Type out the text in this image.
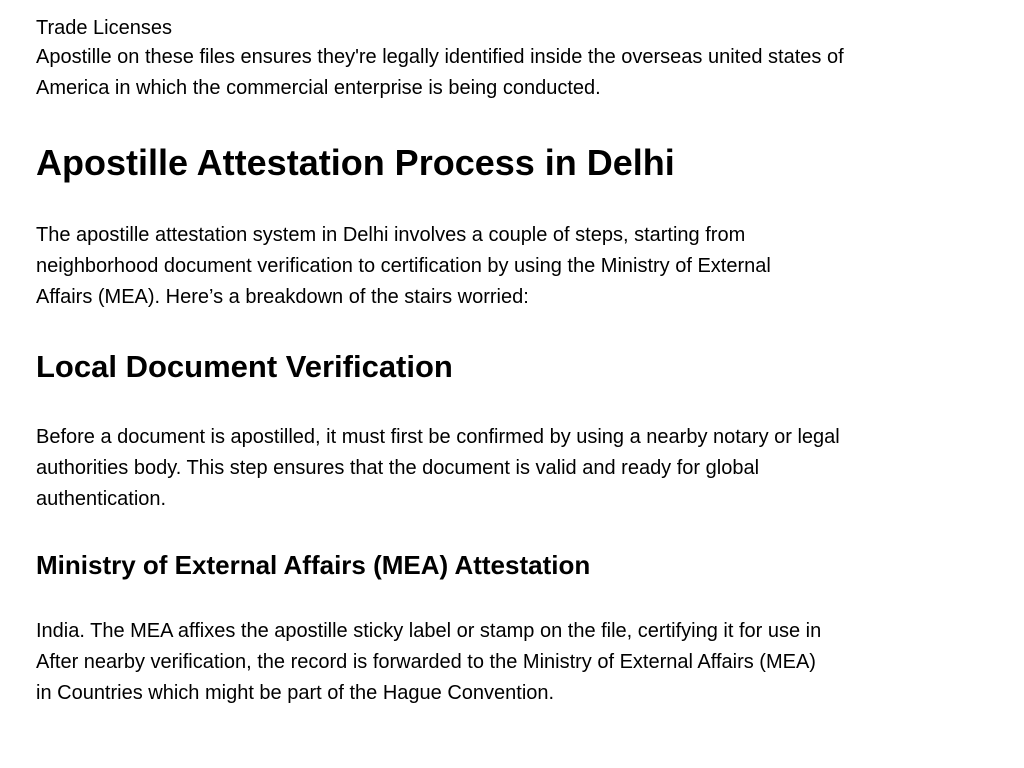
Trade Licenses

Apostille on these files ensures they're legally identified inside the overseas united states of
America in which the commercial enterprise is being conducted.

Apostille Attestation Process in Delhi

The apostille attestation system in Delhi involves a couple of steps, starting from
neighborhood document verification to certification by using the Ministry of External
Affairs (MEA). Here’s a breakdown of the stairs worried:

Local Document Verification

Before a document is apostilled, it must first be confirmed by using a nearby notary or legal
authorities body. This step ensures that the document is valid and ready for global
authentication.

Ministry of External Affairs (MEA) Attestation

India. The MEA affixes the apostille sticky label or stamp on the file, certifying it for use in
After nearby verification, the record is forwarded to the Ministry of External Affairs (MEA)
in Countries which might be part of the Hague Convention.
